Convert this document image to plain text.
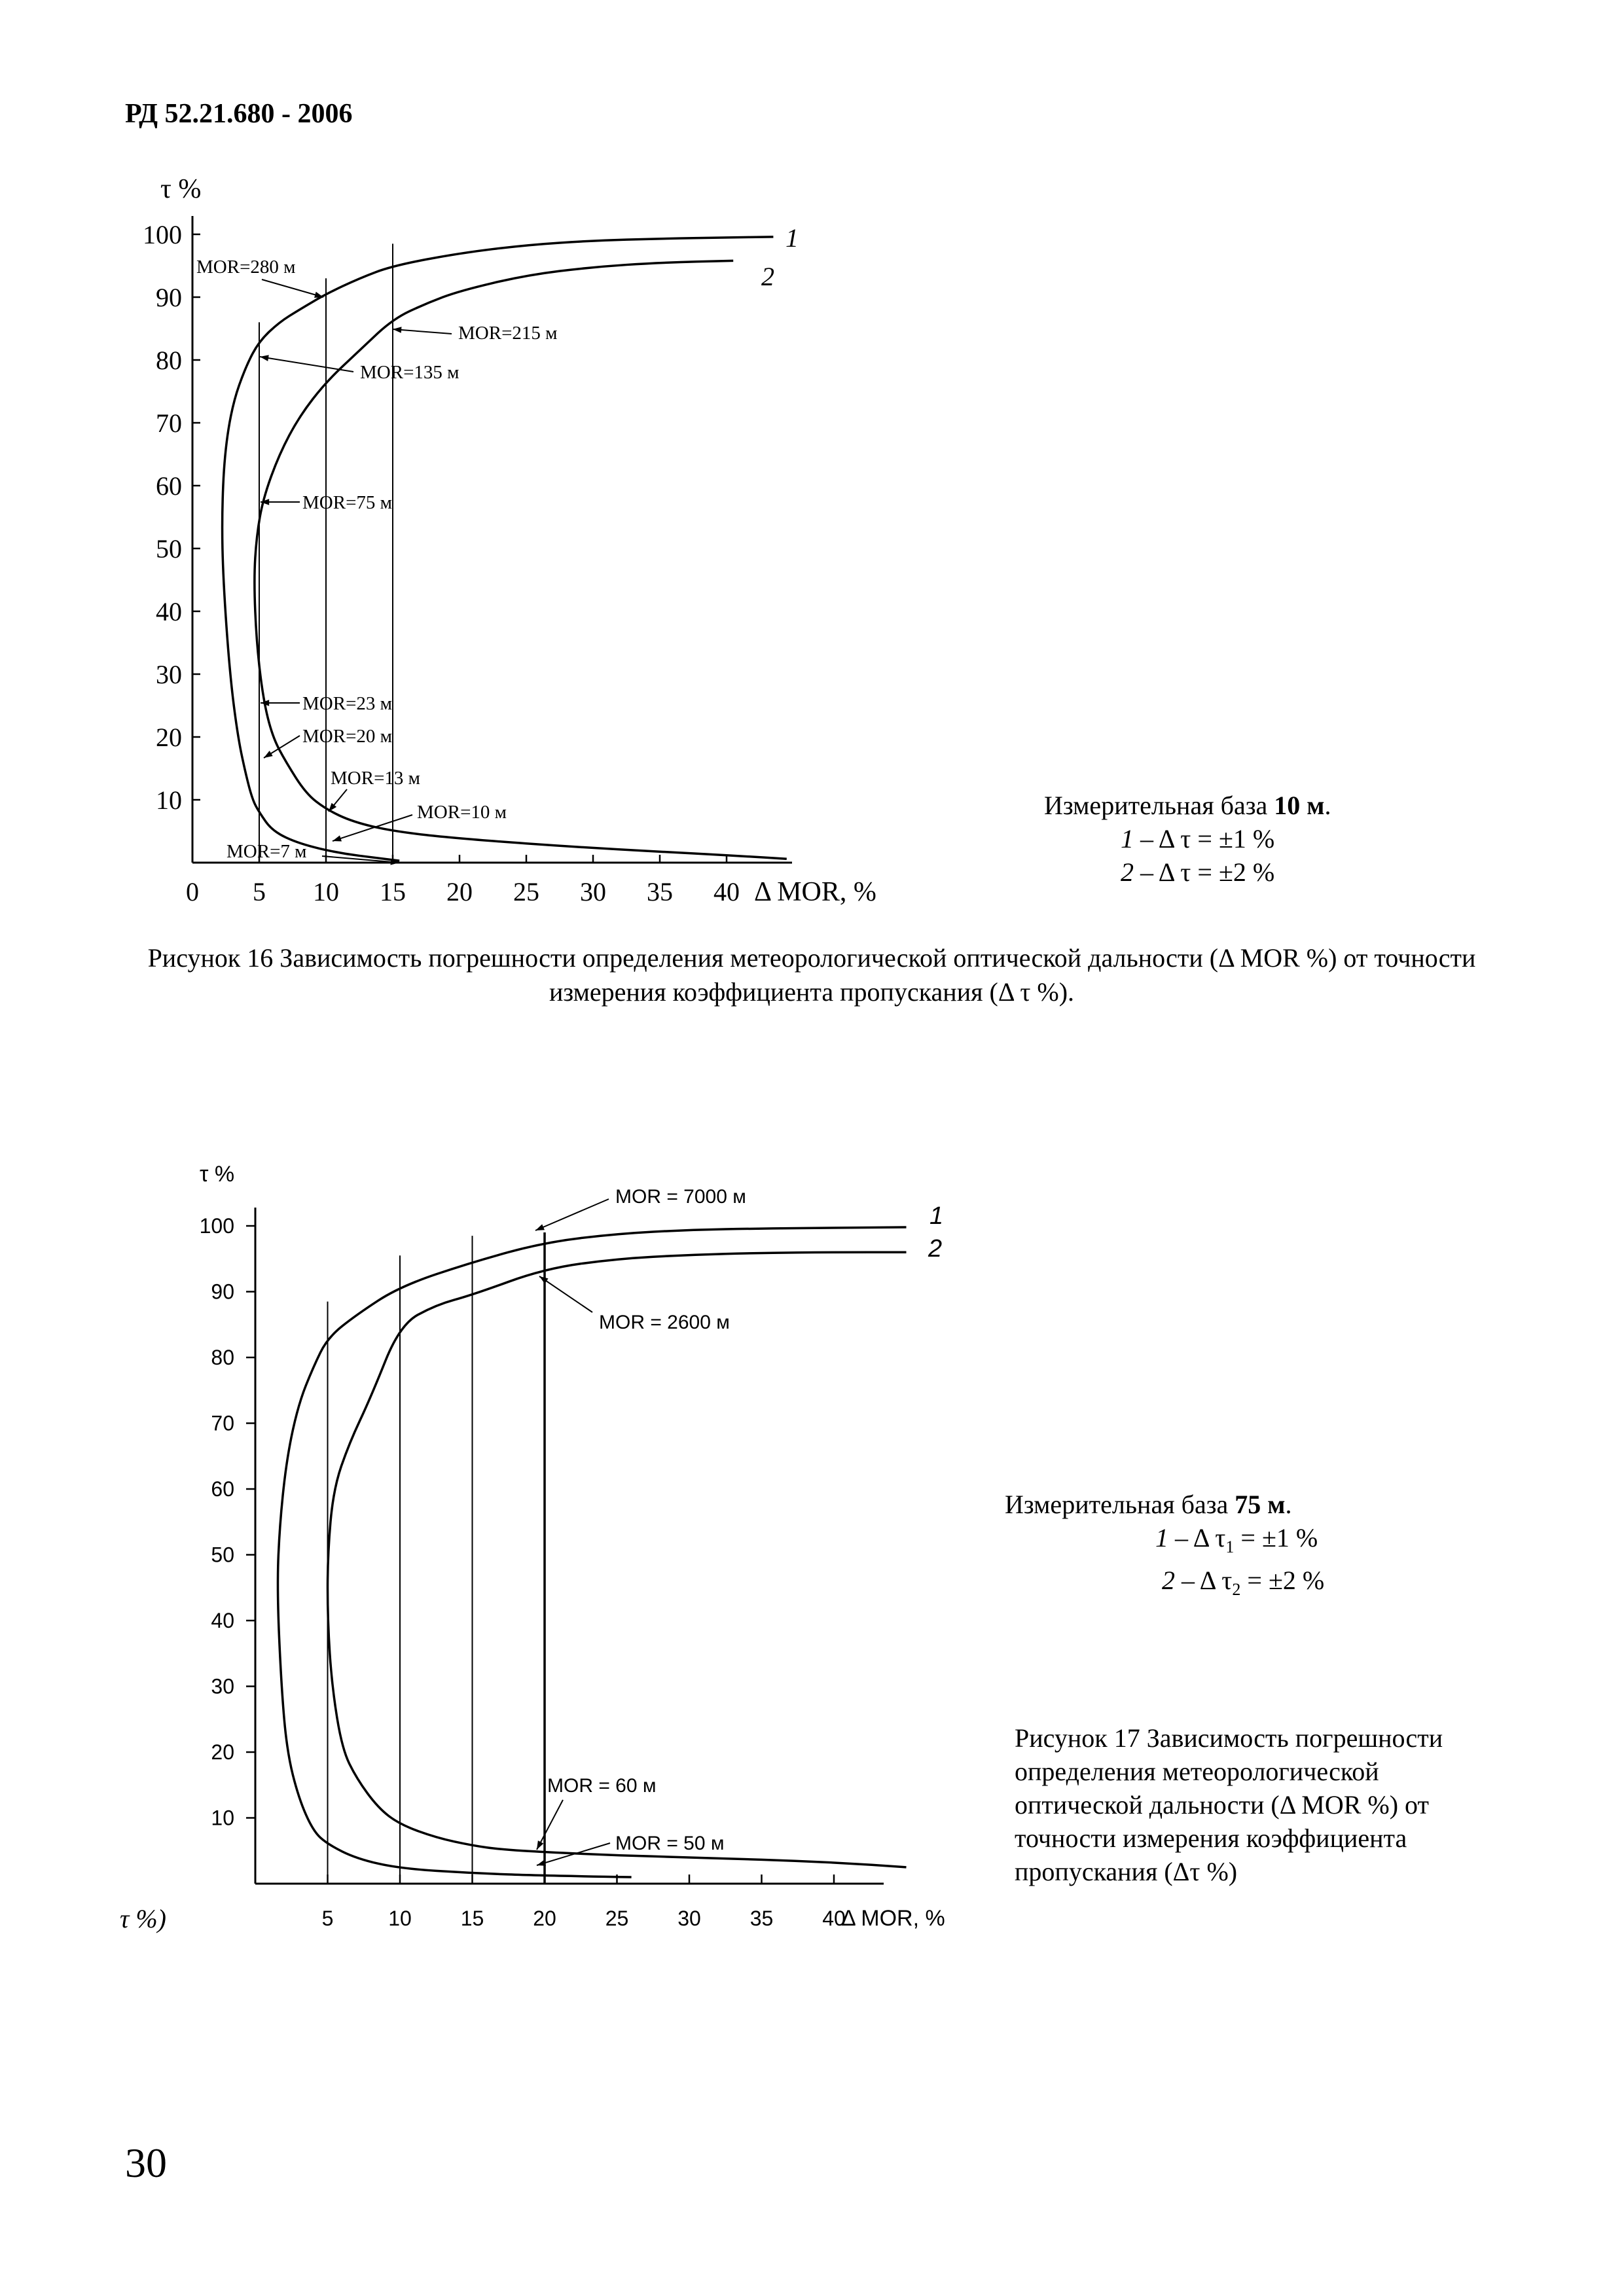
РД 52.21.680 - 2006
1
2
10
20
30
40
50
60
70
80
90
100
0 5 10 15 20 25 30 35 40
τ %
Δ MOR, %
MOR=280 м
MOR=215 м
MOR=135 м
MOR=75 м
MOR=23 м
MOR=20 м
MOR=13 м
MOR=10 м
MOR=7 м
Измерительная база 10 м.
1 – Δ τ = ±1 %
2 – Δ τ = ±2 %
Рисунок 16 Зависимость погрешности определения метеорологической оптической дальности (Δ MOR %) от точности измерения коэффициента пропускания (Δ τ %).
1
2
10
20
30
40
50
60
70
80
90
100
5	10 15 20 25 30 35 40
τ %
Δ MOR, %
MOR = 7000 м
MOR = 2600 м
MOR = 60 м
MOR = 50 м
Измерительная база 75 м.
1 – Δ $\tau_1 = \pm 1$ %
2 – Δ $\tau_2 = \pm 2$ %
Рисунок 17 Зависимость погрешности определения метеорологической оптической дальности (Δ MOR %) от точности измерения коэффициента пропускания (Δτ %)
τ %)
30
